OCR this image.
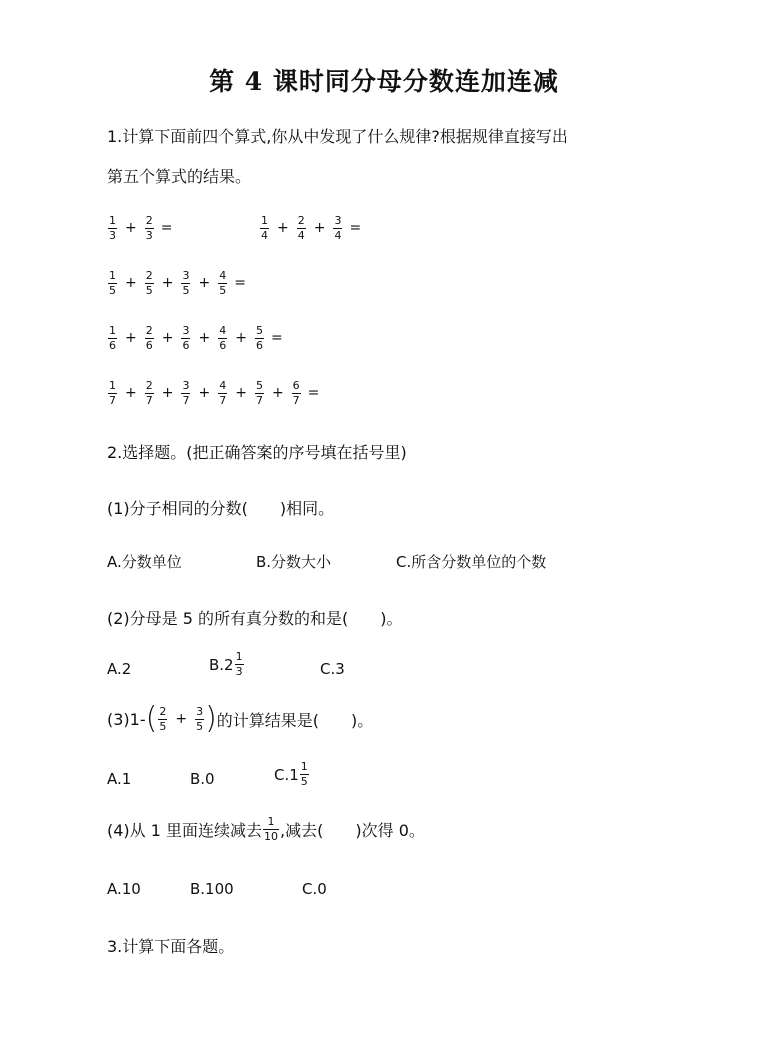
第 4 课时同分母分数连加连减
1.计算下面前四个算式,你从中发现了什么规律?根据规律直接写出
第五个算式的结果。
$\frac{1}{3} + \frac{2}{3}$ =	$\frac{1}{4} + \frac{2}{4} + \frac{3}{4}$ =
$\frac{1}{5} + \frac{2}{5} + \frac{3}{5} + \frac{4}{5}$ =
$\frac{1}{6} + \frac{2}{6} + \frac{3}{6} + \frac{4}{6} + \frac{5}{6}$ =
$\frac{1}{7} + \frac{2}{7} + \frac{3}{7} + \frac{4}{7} + \frac{5}{7} + \frac{6}{7}$ =
2.选择题。(把正确答案的序号填在括号里)
(1)分子相同的分数( )相同。
A.分数单位	B.分数大小	C.所含分数单位的个数
(2)分母是 5 的所有真分数的和是( )。
A.2	$B.2 \frac{1}{3}$	C.3
(3)1- ( $\frac{2}{5} + \frac{3}{5}$ ) 的计算结果是( )。
A.1	B.0	$C.1 \frac{1}{5}$
(4)从 1 里面连续减去 $\frac{1}{10}$ ,减去( )次得 0。
A.10	B.100	C.0
3.计算下面各题。
